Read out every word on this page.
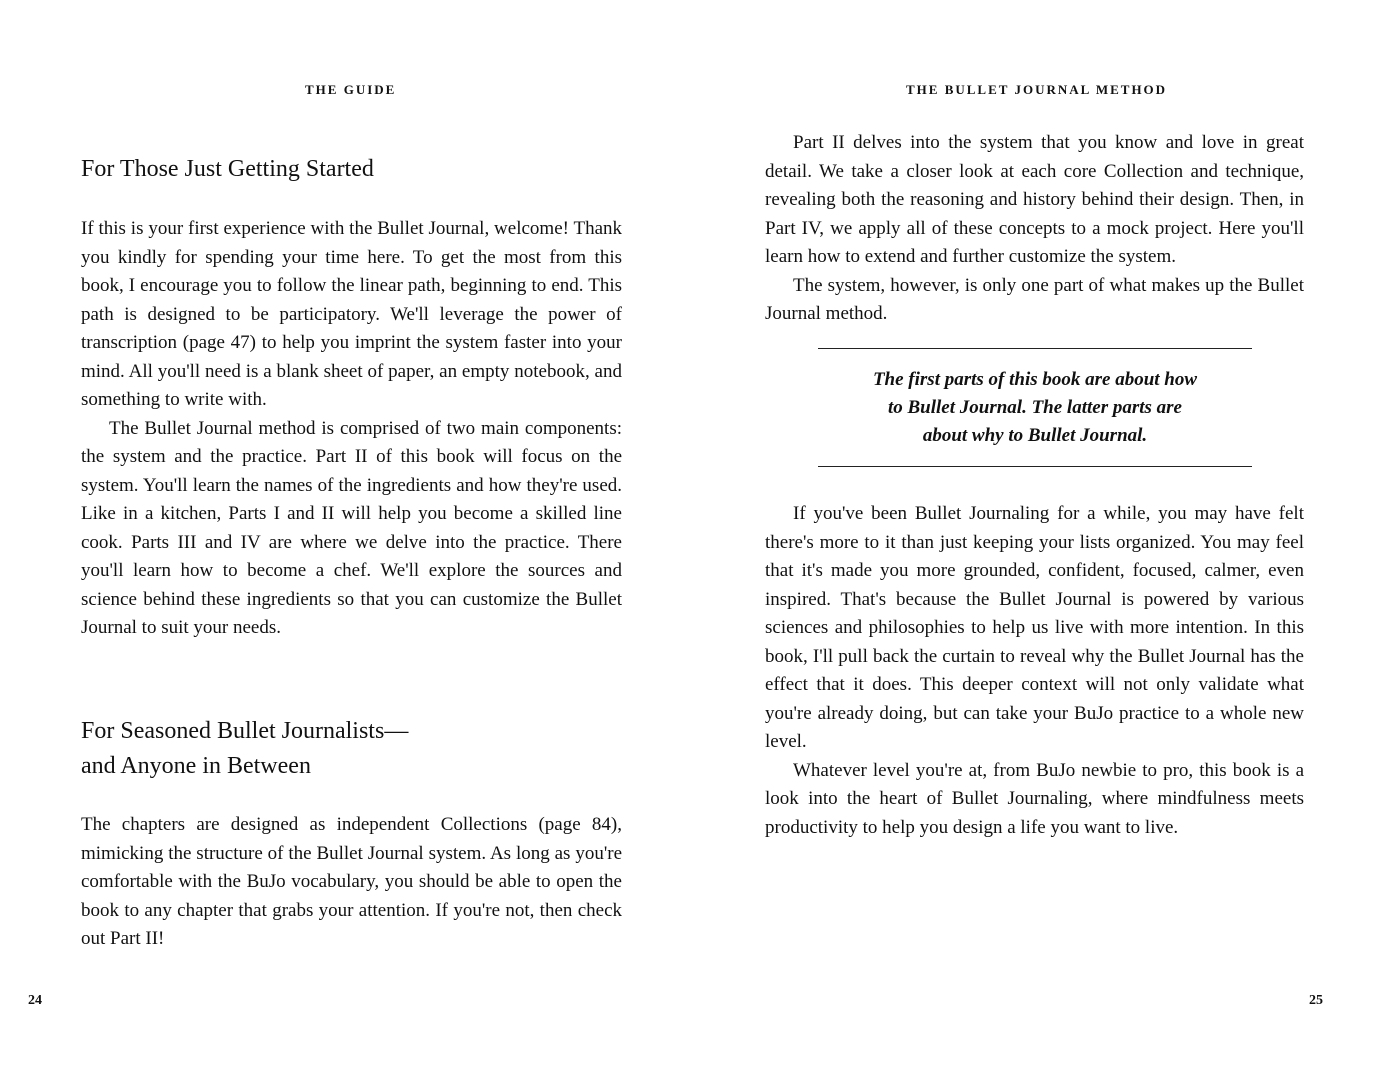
THE GUIDE
For Those Just Getting Started
If this is your first experience with the Bullet Journal, welcome! Thank you kindly for spending your time here. To get the most from this book, I encourage you to follow the linear path, beginning to end. This path is designed to be participatory. We'll leverage the power of transcription (page 47) to help you imprint the system faster into your mind. All you'll need is a blank sheet of paper, an empty notebook, and something to write with.
The Bullet Journal method is comprised of two main components: the system and the practice. Part II of this book will focus on the system. You'll learn the names of the ingredients and how they're used. Like in a kitchen, Parts I and II will help you become a skilled line cook. Parts III and IV are where we delve into the practice. There you'll learn how to become a chef. We'll explore the sources and science behind these ingredients so that you can customize the Bullet Journal to suit your needs.
For Seasoned Bullet Journalists—
and Anyone in Between
The chapters are designed as independent Collections (page 84), mimicking the structure of the Bullet Journal system. As long as you're comfortable with the BuJo vocabulary, you should be able to open the book to any chapter that grabs your attention. If you're not, then check out Part II!
24
THE BULLET JOURNAL METHOD
Part II delves into the system that you know and love in great detail. We take a closer look at each core Collection and technique, revealing both the reasoning and history behind their design. Then, in Part IV, we apply all of these concepts to a mock project. Here you'll learn how to extend and further customize the system.
The system, however, is only one part of what makes up the Bullet Journal method.
The first parts of this book are about how
to Bullet Journal. The latter parts are
about why to Bullet Journal.
If you've been Bullet Journaling for a while, you may have felt there's more to it than just keeping your lists organized. You may feel that it's made you more grounded, confident, focused, calmer, even inspired. That's because the Bullet Journal is powered by various sciences and philosophies to help us live with more intention. In this book, I'll pull back the curtain to reveal why the Bullet Journal has the effect that it does. This deeper context will not only validate what you're already doing, but can take your BuJo practice to a whole new level.
Whatever level you're at, from BuJo newbie to pro, this book is a look into the heart of Bullet Journaling, where mindfulness meets productivity to help you design a life you want to live.
25
